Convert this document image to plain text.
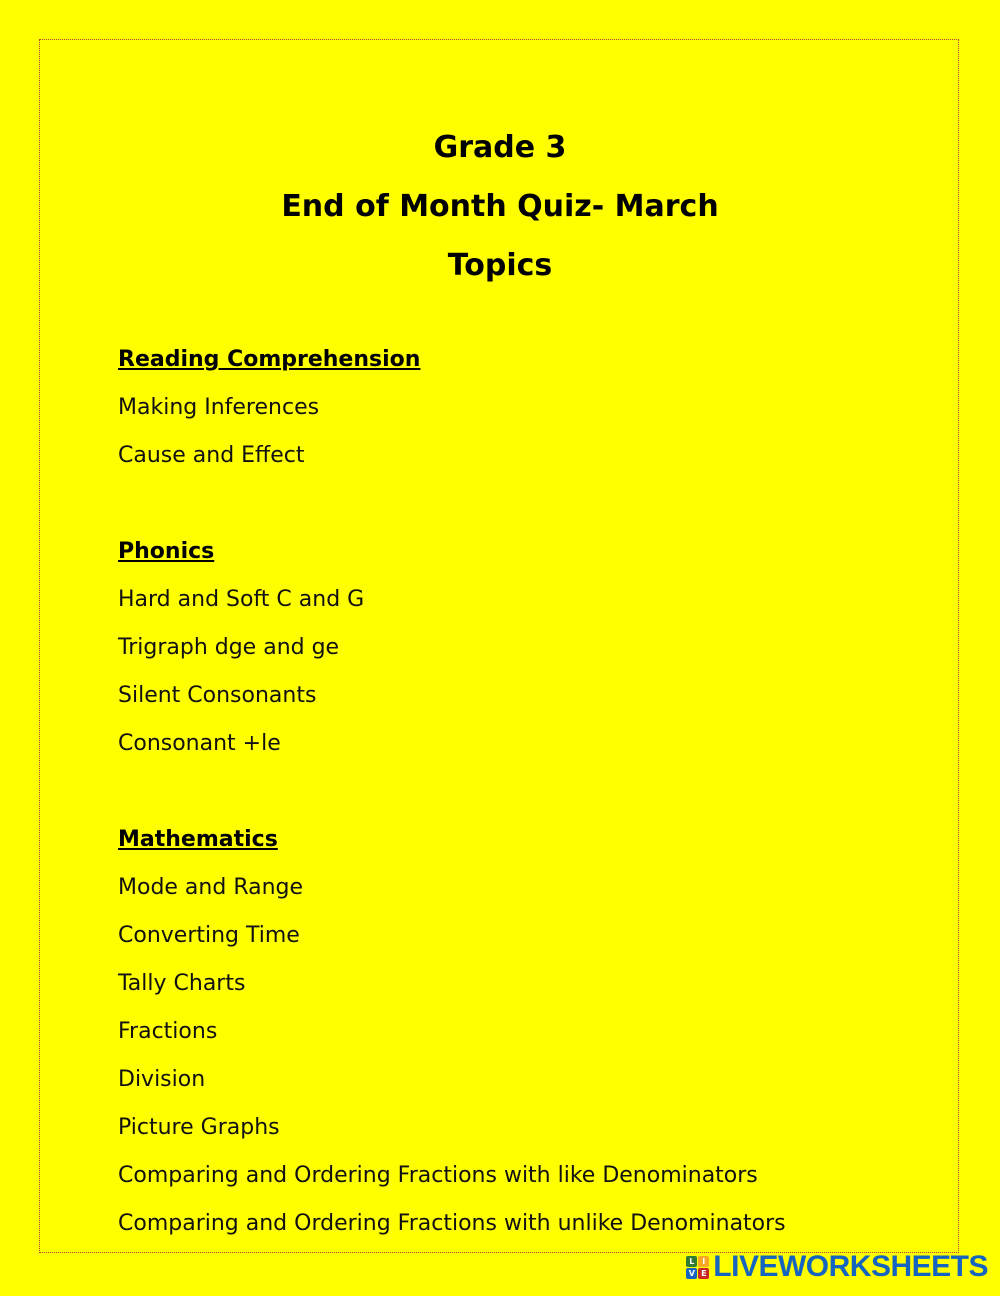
Grade 3

End of Month Quiz- March

Topics

Reading Comprehension

Making Inferences
Cause and Effect

Phonics

Hard and Soft C and G
Trigraph dge and ge
Silent Consonants
Consonant +le

Mathematics

Mode and Range
Converting Time
Tally Charts
Fractions
Division
Picture Graphs
Comparing and Ordering Fractions with like Denominators
Comparing and Ordering Fractions with unlike Denominators
L I
V E LIVEWORKSHEETS
